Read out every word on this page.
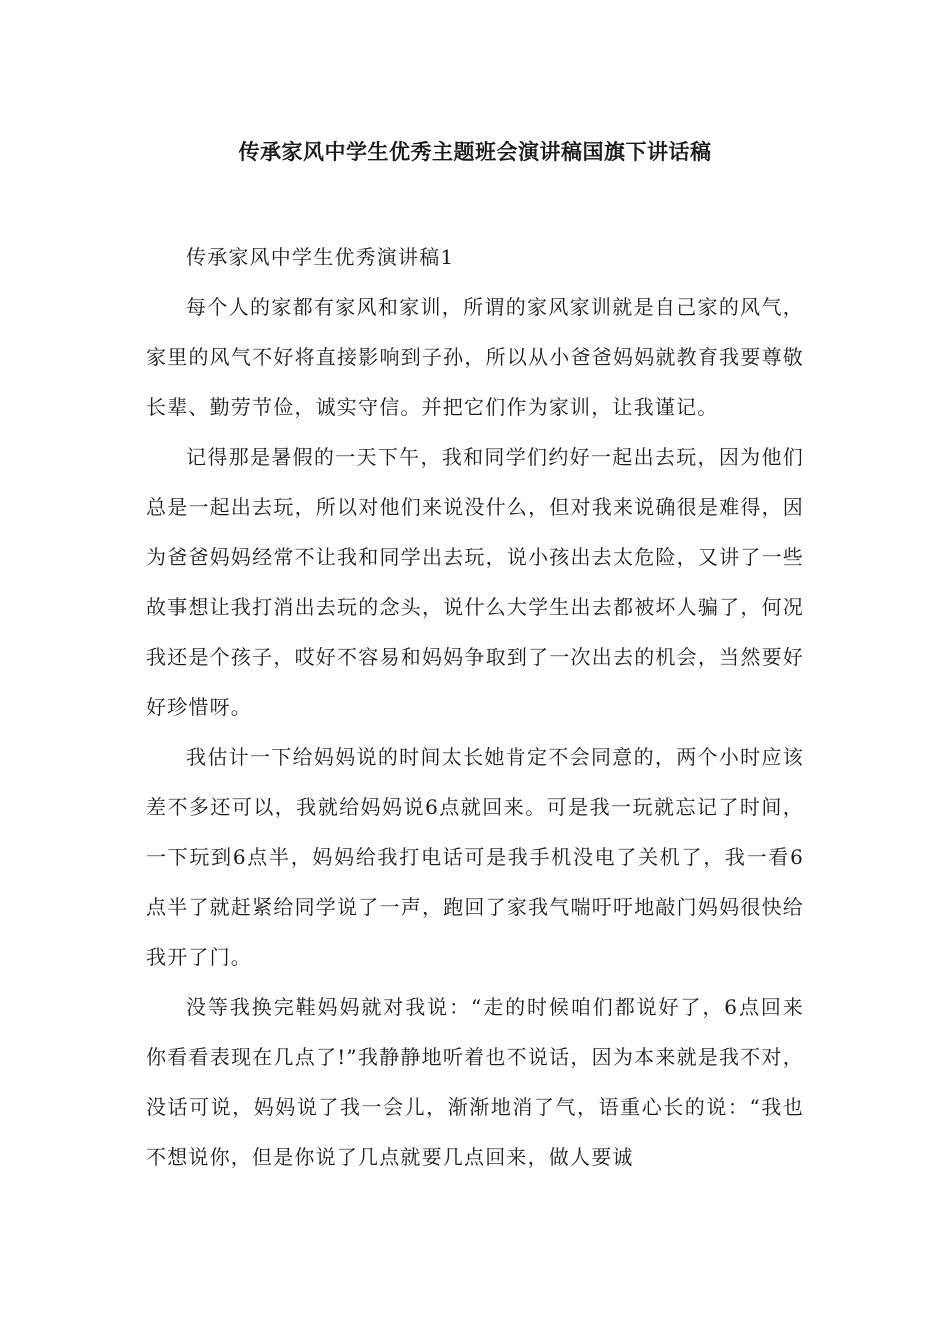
传承家风中学生优秀主题班会演讲稿国旗下讲话稿

传承家风中学生优秀演讲稿1

每个人的家都有家风和家训，所谓的家风家训就是自己家的风气，家里的风气不好将直接影响到子孙，所以从小爸爸妈妈就教育我要尊敬长辈、勤劳节俭，诚实守信。并把它们作为家训，让我谨记。

记得那是暑假的一天下午，我和同学们约好一起出去玩，因为他们总是一起出去玩，所以对他们来说没什么，但对我来说确很是难得，因为爸爸妈妈经常不让我和同学出去玩，说小孩出去太危险，又讲了一些故事想让我打消出去玩的念头，说什么大学生出去都被坏人骗了，何况我还是个孩子，哎好不容易和妈妈争取到了一次出去的机会，当然要好好珍惜呀。

我估计一下给妈妈说的时间太长她肯定不会同意的，两个小时应该差不多还可以，我就给妈妈说6点就回来。可是我一玩就忘记了时间，一下玩到6点半，妈妈给我打电话可是我手机没电了关机了，我一看6点半了就赶紧给同学说了一声，跑回了家我气喘吁吁地敲门妈妈很快给我开了门。

没等我换完鞋妈妈就对我说：“走的时候咱们都说好了，6点回来你看看表现在几点了!”我静静地听着也不说话，因为本来就是我不对，没话可说，妈妈说了我一会儿，渐渐地消了气，语重心长的说：“我也不想说你，但是你说了几点就要几点回来，做人要诚
